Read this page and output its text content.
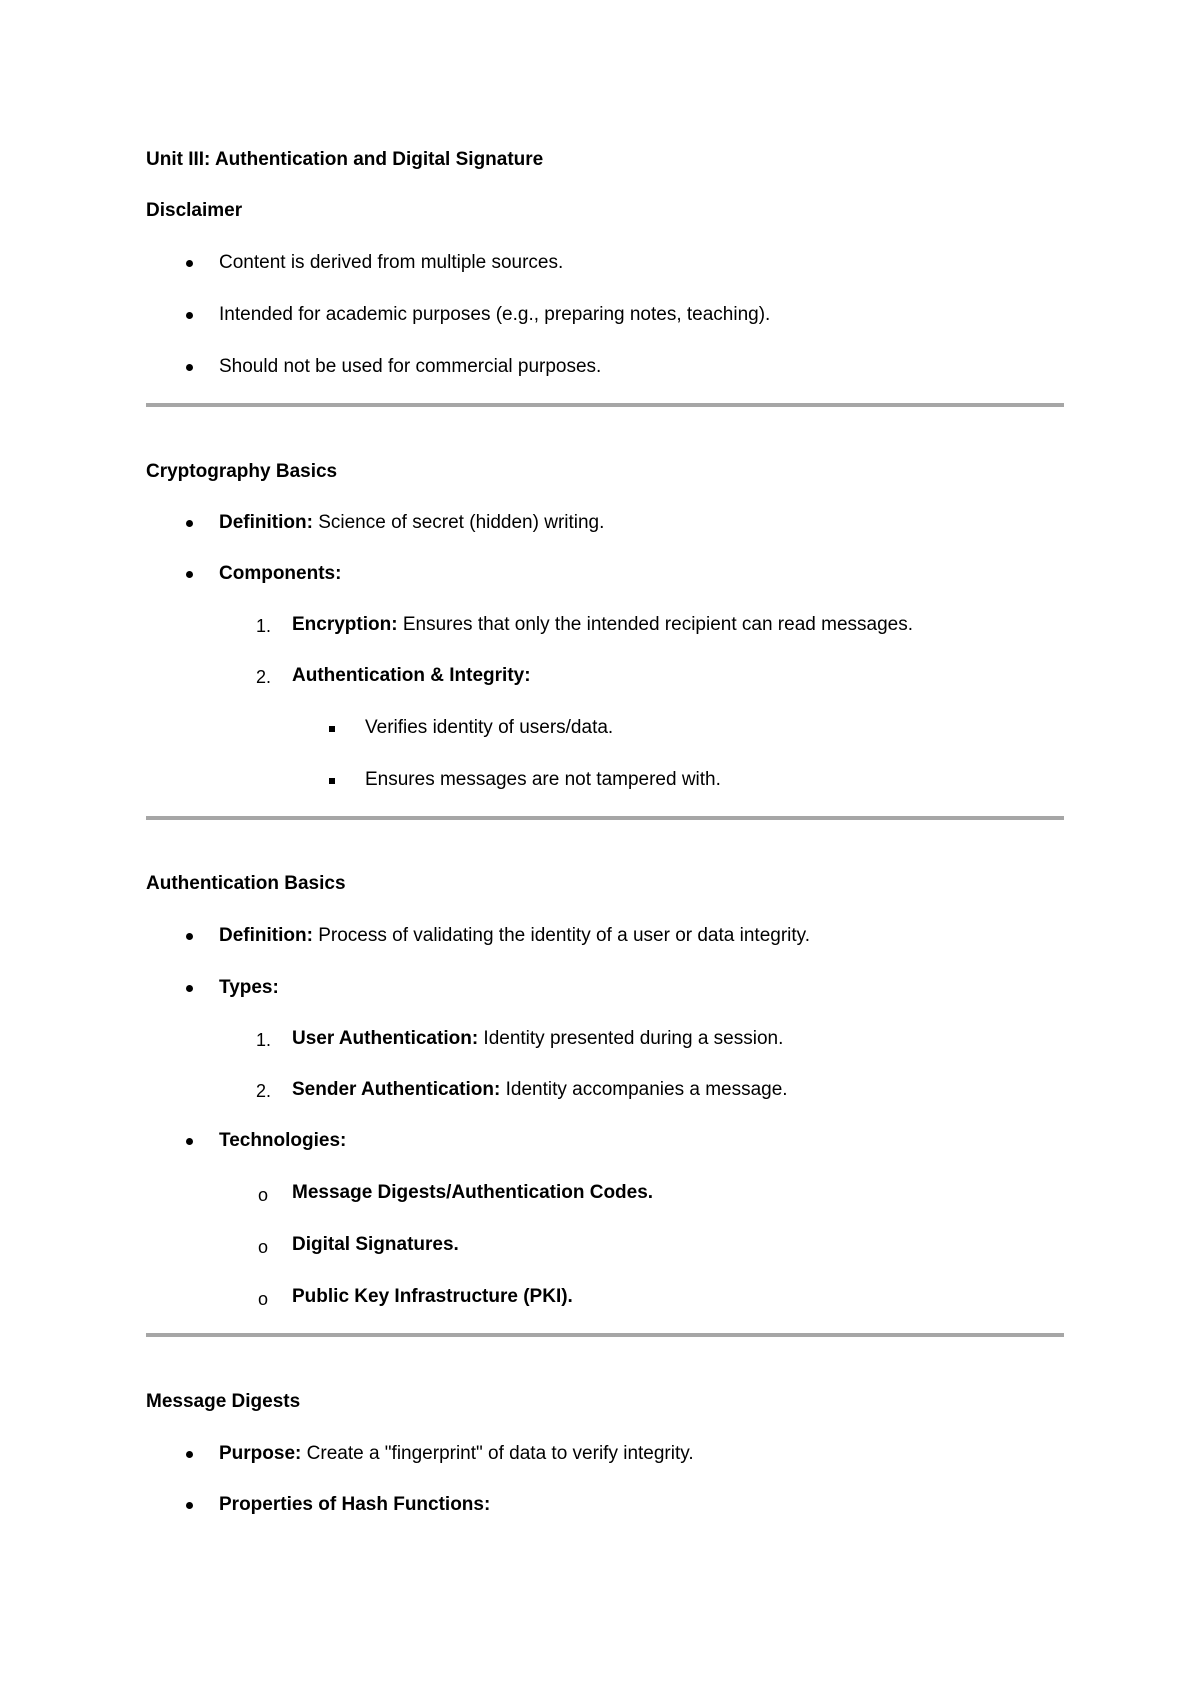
Unit III: Authentication and Digital Signature
Disclaimer
Content is derived from multiple sources.
Intended for academic purposes (e.g., preparing notes, teaching).
Should not be used for commercial purposes.
Cryptography Basics
Definition: Science of secret (hidden) writing.
Components:
1. Encryption: Ensures that only the intended recipient can read messages.
2. Authentication & Integrity:
Verifies identity of users/data.
Ensures messages are not tampered with.
Authentication Basics
Definition: Process of validating the identity of a user or data integrity.
Types:
1. User Authentication: Identity presented during a session.
2. Sender Authentication: Identity accompanies a message.
Technologies:
o Message Digests/Authentication Codes.
o Digital Signatures.
o Public Key Infrastructure (PKI).
Message Digests
Purpose: Create a "fingerprint" of data to verify integrity.
Properties of Hash Functions:
